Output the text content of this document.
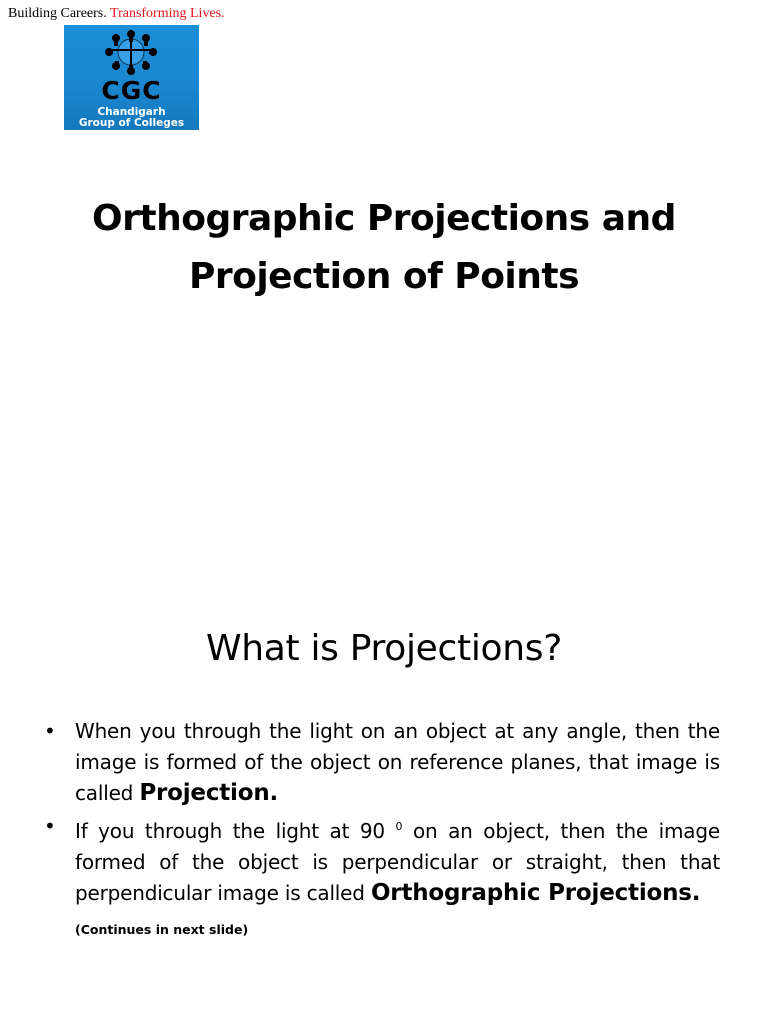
Building Careers. Transforming Lives.
CGC
Chandigarh
Group of Colleges
Orthographic Projections and
Projection of Points
What is Projections?
• When you through the light on an object at any angle, then the image is formed of the object on reference planes, that image is called Projection.
• If you through the light at 90 $^0$ on an object, then the image formed of the object is perpendicular or straight, then that perpendicular image is called Orthographic Projections.
(Continues in next slide)
